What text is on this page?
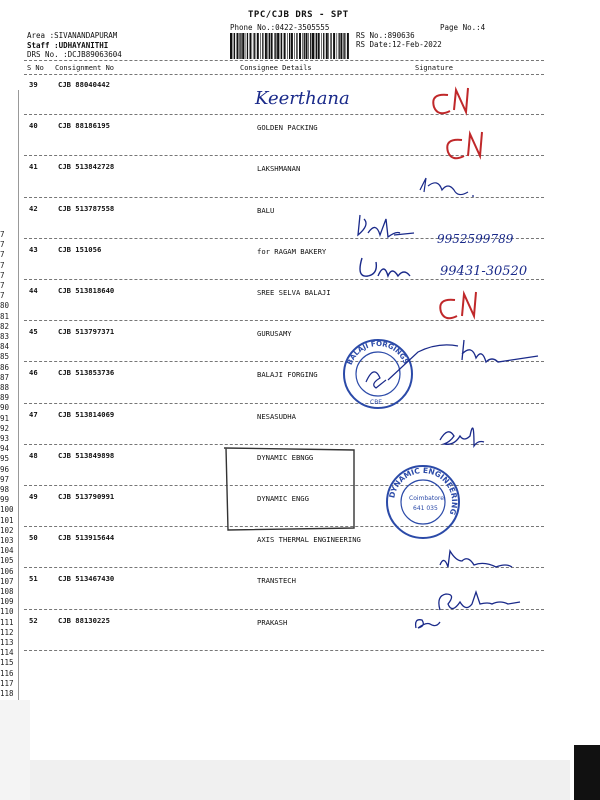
TPC/CJB DRS - SPT
Phone No.:0422-3505555
Area :SIVANANDAPURAM
Staff :UDHAYANITHI
DRS No. :DCJB89063604
Page No.:4
RS No.:890636
RS Date:12-Feb-2022
S No Consignment No	Consignee Details	Signature
39	CJB 88040442
40	CJB 88186195	GOLDEN PACKING
41	CJB 513842728	LAKSHMANAN
42	CJB 513787558	BALU
43	CJB 151056	for RAGAM BAKERY
44	CJB 513818640	SREE SELVA BALAJI
45	CJB 513797371	GURUSAMY
46	CJB 513853736	BALAJI FORGING
47	CJB 513814069	NESASUDHA
48	CJB 513849898	DYNAMIC EBNGG
49	CJB 513790991	DYNAMIC ENGG
50	CJB 513915644	AXIS THERMAL ENGINEERING
51	CJB 513467430	TRANSTECH
52	CJB 88130225	PRAKASH
7
7
7
7
7
7
7
80
81
82
83
84
85
86
87
88
89
90
91
92
93
94
95
96
97
98
99
100
101
102
103
104
105
106
107
108
109
110
111
112
113
114
115
116
117
118
Keerthana
9952599789
99431-30520
BALAJI FORGINGS
CBE
DYNAMIC ENGINEERING
Coimbatore
641 035
